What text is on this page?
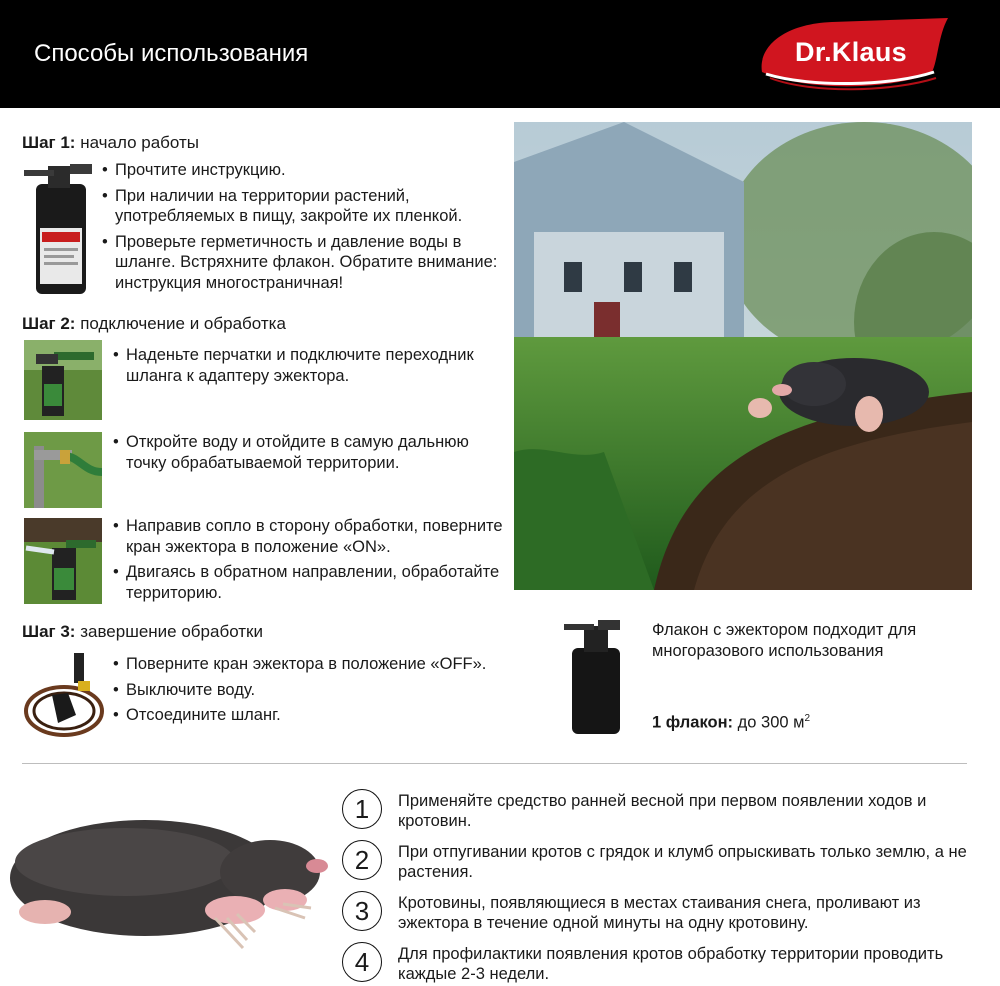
Способы использования	Dr.Klaus
Шаг 1: начало работы
• Прочтите инструкцию.
• При наличии на территории растений, употребляемых в пищу, закройте их пленкой.
• Проверьте герметичность и давление воды в шланге. Встряхните флакон. Обратите внимание: инструкция многостраничная!
Шаг 2: подключение и обработка
• Наденьте перчатки и подключите переходник шланга к адаптеру эжектора.
• Откройте воду и отойдите в самую дальнюю точку обрабатываемой территории.
• Направив сопло в сторону обработки, поверните кран эжектора в положение «ON».
• Двигаясь в обратном направлении, обработайте территорию.
Шаг 3: завершение обработки
• Поверните кран эжектора в положение «OFF».
• Выключите воду.
• Отсоедините шланг.
Флакон с эжектором подходит для многоразового использования
1 флакон: до 300 $м^2$
1	Применяйте средство ранней весной при первом появлении ходов и кротовин.
2	При отпугивании кротов с грядок и клумб опрыскивать только землю, а не растения.
3	Кротовины, появляющиеся в местах стаивания снега, проливают из эжектора в течение одной минуты на одну кротовину.
4	Для профилактики появления кротов обработку территории проводить каждые 2-3 недели.
